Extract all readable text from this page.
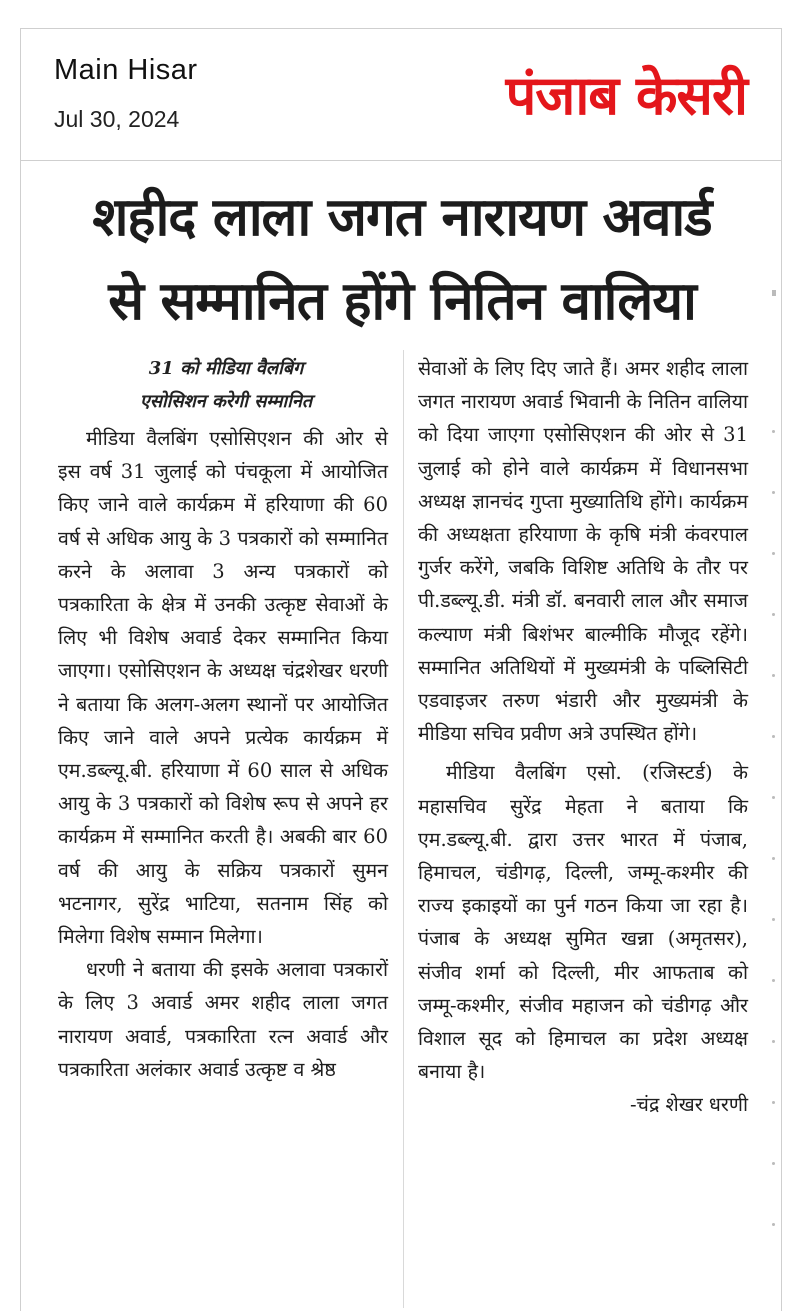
Main Hisar
Jul 30, 2024	पंजाब केसरी
शहीद लाला जगत नारायण अवार्ड
से सम्मानित होंगे नितिन वालिया
31 को मीडिया वैलबिंग
एसोसिशन करेगी सम्मानित

मीडिया वैलबिंग एसोसिएशन की ओर से इस वर्ष 31 जुलाई को पंचकूला में आयोजित किए जाने वाले कार्यक्रम में हरियाणा की 60 वर्ष से अधिक आयु के 3 पत्रकारों को सम्मानित करने के अलावा 3 अन्य पत्रकारों को पत्रकारिता के क्षेत्र में उनकी उत्कृष्ट सेवाओं के लिए भी विशेष अवार्ड देकर सम्मानित किया जाएगा। एसोसिएशन के अध्यक्ष चंद्रशेखर धरणी ने बताया कि अलग-अलग स्थानों पर आयोजित किए जाने वाले अपने प्रत्येक कार्यक्रम में एम.डब्ल्यू.बी. हरियाणा में 60 साल से अधिक आयु के 3 पत्रकारों को विशेष रूप से अपने हर कार्यक्रम में सम्मानित करती है। अबकी बार 60 वर्ष की आयु के सक्रिय पत्रकारों सुमन भटनागर, सुरेंद्र भाटिया, सतनाम सिंह को मिलेगा विशेष सम्मान मिलेगा।

धरणी ने बताया की इसके अलावा पत्रकारों के लिए 3 अवार्ड अमर शहीद लाला जगत नारायण अवार्ड, पत्रकारिता रत्न अवार्ड और पत्रकारिता अलंकार अवार्ड उत्कृष्ट व श्रेष्ठ

सेवाओं के लिए दिए जाते हैं। अमर शहीद लाला जगत नारायण अवार्ड भिवानी के नितिन वालिया को दिया जाएगा एसोसिएशन की ओर से 31 जुलाई को होने वाले कार्यक्रम में विधानसभा अध्यक्ष ज्ञानचंद गुप्ता मुख्यातिथि होंगे। कार्यक्रम की अध्यक्षता हरियाणा के कृषि मंत्री कंवरपाल गुर्जर करेंगे, जबकि विशिष्ट अतिथि के तौर पर पी.डब्ल्यू.डी. मंत्री डॉ. बनवारी लाल और समाज कल्याण मंत्री बिशंभर बाल्मीकि मौजूद रहेंगे। सम्मानित अतिथियों में मुख्यमंत्री के पब्लिसिटी एडवाइजर तरुण भंडारी और मुख्यमंत्री के मीडिया सचिव प्रवीण अत्रे उपस्थित होंगे।

मीडिया वैलबिंग एसो. (रजिस्टर्ड) के महासचिव सुरेंद्र मेहता ने बताया कि एम.डब्ल्यू.बी. द्वारा उत्तर भारत में पंजाब, हिमाचल, चंडीगढ़, दिल्ली, जम्मू-कश्मीर की राज्य इकाइयों का पुर्न गठन किया जा रहा है। पंजाब के अध्यक्ष सुमित खन्ना (अमृतसर), संजीव शर्मा को दिल्ली, मीर आफताब को जम्मू-कश्मीर, संजीव महाजन को चंडीगढ़ और विशाल सूद को हिमाचल का प्रदेश अध्यक्ष बनाया है।

-चंद्र शेखर धरणी
